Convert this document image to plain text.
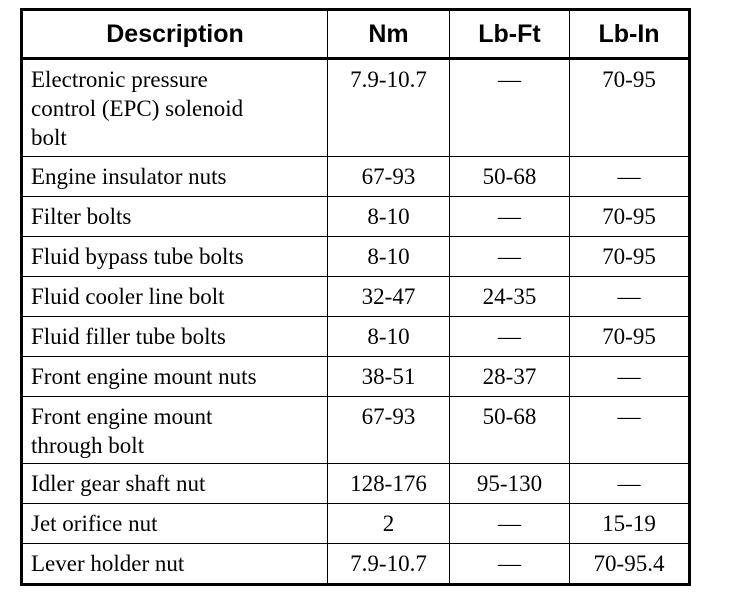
Description	Nm	Lb-Ft	Lb-In
Electronic pressure
control (EPC) solenoid
bolt	7.9-10.7	—	70-95
Engine insulator nuts	67-93	50-68	—
Filter bolts	8-10	—	70-95
Fluid bypass tube bolts	8-10	—	70-95
Fluid cooler line bolt	32-47	24-35	—
Fluid filler tube bolts	8-10	—	70-95
Front engine mount nuts	38-51	28-37	—
Front engine mount
through bolt	67-93	50-68	—
Idler gear shaft nut	128-176	95-130	—
Jet orifice nut	2	—	15-19
Lever holder nut	7.9-10.7	—	70-95.4
